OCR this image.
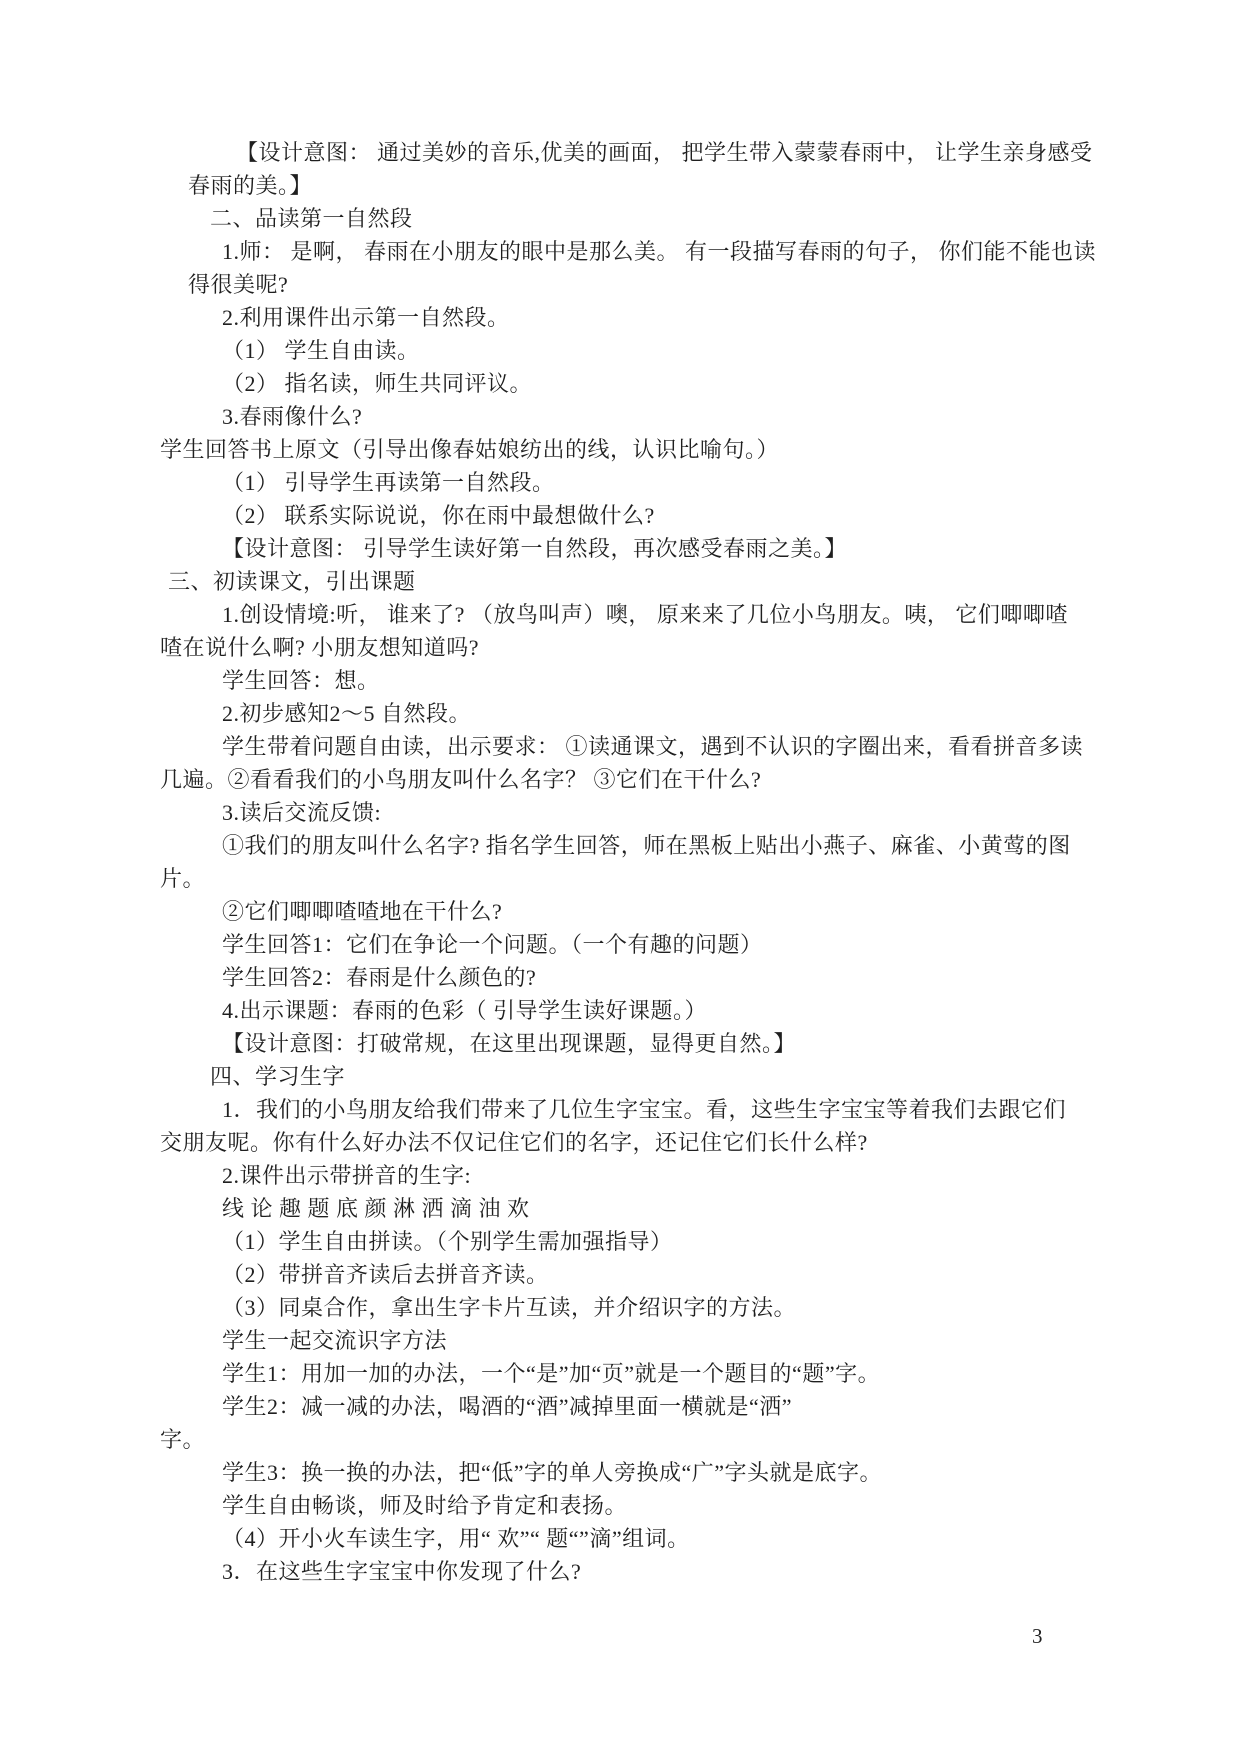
【设计意图： 通过美妙的音乐,优美的画面， 把学生带入蒙蒙春雨中， 让学生亲身感受
春雨的美。】
二、品读第一自然段
1.师： 是啊， 春雨在小朋友的眼中是那么美。 有一段描写春雨的句子， 你们能不能也读
得很美呢?
2.利用课件出示第一自然段。
（1） 学生自由读。
（2） 指名读，师生共同评议。
3.春雨像什么?
学生回答书上原文（引导出像春姑娘纺出的线，认识比喻句。）
（1） 引导学生再读第一自然段。
（2） 联系实际说说，你在雨中最想做什么?
【设计意图： 引导学生读好第一自然段，再次感受春雨之美。】
三、初读课文，引出课题
1.创设情境:听， 谁来了? （放鸟叫声）噢， 原来来了几位小鸟朋友。咦， 它们唧唧喳
喳在说什么啊? 小朋友想知道吗?
学生回答：想。
2.初步感知2～5 自然段。
学生带着问题自由读，出示要求： ①读通课文，遇到不认识的字圈出来，看看拼音多读
几遍。②看看我们的小鸟朋友叫什么名字？ ③它们在干什么?
3.读后交流反馈:
①我们的朋友叫什么名字? 指名学生回答，师在黑板上贴出小燕子、麻雀、小黄莺的图
片。
②它们唧唧喳喳地在干什么?
学生回答1：它们在争论一个问题。（一个有趣的问题）
学生回答2：春雨是什么颜色的?
4.出示课题：春雨的色彩（ 引导学生读好课题。）
【设计意图：打破常规，在这里出现课题，显得更自然。】
四、学习生字
1．我们的小鸟朋友给我们带来了几位生字宝宝。看，这些生字宝宝等着我们去跟它们
交朋友呢。你有什么好办法不仅记住它们的名字，还记住它们长什么样?
2.课件出示带拼音的生字:
线 论 趣 题 底 颜 淋 洒 滴 油 欢
（1）学生自由拼读。（个别学生需加强指导）
（2）带拼音齐读后去拼音齐读。
（3）同桌合作，拿出生字卡片互读，并介绍识字的方法。
学生一起交流识字方法
学生1：用加一加的办法，一个“是”加“页”就是一个题目的“题”字。
学生2：减一减的办法，喝酒的“酒”减掉里面一横就是“洒”
字。
学生3：换一换的办法，把“低”字的单人旁换成“广”字头就是底字。
学生自由畅谈，师及时给予肯定和表扬。
（4）开小火车读生字，用“ 欢”“ 题“”滴”组词。
3．在这些生字宝宝中你发现了什么?
3
